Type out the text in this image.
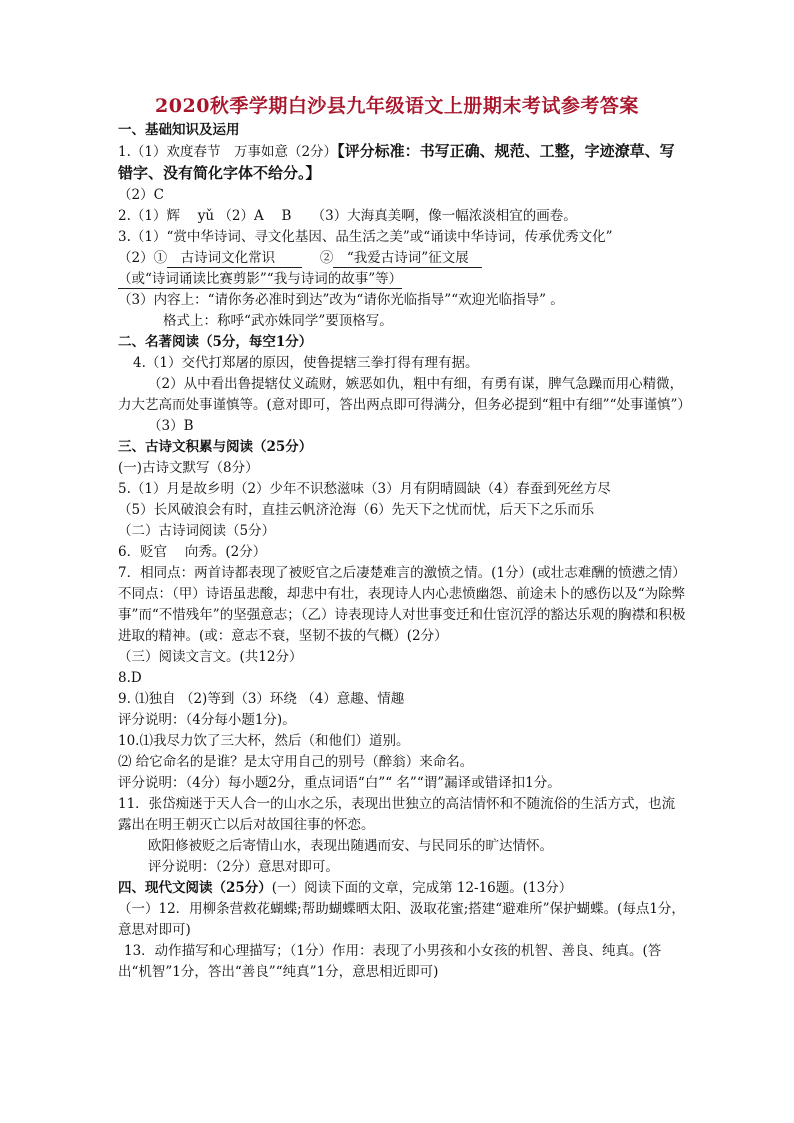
2020秋季学期白沙县九年级语文上册期末考试参考答案
一、基础知识及运用
1.（1）欢度春节　万事如意（2分）【评分标准：书写正确、规范、工整，字迹潦草、写错字、没有简化字体不给分。】
（2）C
2.（1）辉　 yǔ （2）A　 B　　（3）大海真美啊，像一幅浓淡相宜的画卷。
3.（1）“赏中华诗词、寻文化基因、品生活之美”或“诵读中华诗词，传承优秀文化”
（2）①　古诗词文化常识　　　 ②　“我爱古诗词”征文展　
（或“诗词诵读比赛剪影”“我与诗词的故事”等）
（3）内容上：“请你务必准时到达”改为“请你光临指导”“欢迎光临指导” 。
格式上：称呼“武亦姝同学”要顶格写。
二、名著阅读（5分，每空1分）
4.（1）交代打郑屠的原因，使鲁提辖三拳打得有理有据。
（2）从中看出鲁提辖仗义疏财，嫉恶如仇，粗中有细，有勇有谋，脾气急躁而用心精微，力大艺高而处事谨慎等。(意对即可，答出两点即可得满分，但务必提到“粗中有细”“处事谨慎”）
（3）B
三、古诗文积累与阅读（25分）
(一)古诗文默写（8分）
5.（1）月是故乡明（2）少年不识愁滋味（3）月有阴晴圆缺（4）春蚕到死丝方尽
（5）长风破浪会有时，直挂云帆济沧海（6）先天下之忧而忧，后天下之乐而乐
（二）古诗词阅读（5分）
6．贬官　 向秀。(2分）
7．相同点：两首诗都表现了被贬官之后凄楚难言的激愤之情。(1分）(或壮志难酬的愤懑之情）
不同点：（甲）诗语虽悲酸，却悲中有壮，表现诗人内心悲愤幽怨、前途未卜的感伤以及“为除弊事”而“不惜残年”的坚强意志；（乙）诗表现诗人对世事变迁和仕宦沉浮的豁达乐观的胸襟和积极进取的精神。(或：意志不衰，坚韧不拔的气概）(2分）
（三）阅读文言文。(共12分）
8.D
9. ⑴独自 （2)等到（3）环绕 （4）意趣、情趣
评分说明：（4分每小题1分)。
10.⑴我尽力饮了三大杯，然后（和他们）道别。
⑵ 给它命名的是谁？是太守用自己的别号（醉翁）来命名。
评分说明：（4分）每小题2分，重点词语“白”“ 名”“谓”漏译或错译扣1分。
11．张岱痴迷于天人合一的山水之乐，表现出世独立的高洁情怀和不随流俗的生活方式，也流露出在明王朝灭亡以后对故国往事的怀恋。
欧阳修被贬之后寄情山水，表现出随遇而安、与民同乐的旷达情怀。
评分说明：（2分）意思对即可。
四、现代文阅读（25分）(一）阅读下面的文章，完成第 12-16题。(13分）
（一）12．用柳条营救花蝴蝶;帮助蝴蝶晒太阳、汲取花蜜;搭建“避难所”保护蝴蝶。(每点1分，意思对即可)
13．动作描写和心理描写；（1分）作用：表现了小男孩和小女孩的机智、善良、纯真。(答出“机智”1分，答出“善良”“纯真”1分，意思相近即可)
